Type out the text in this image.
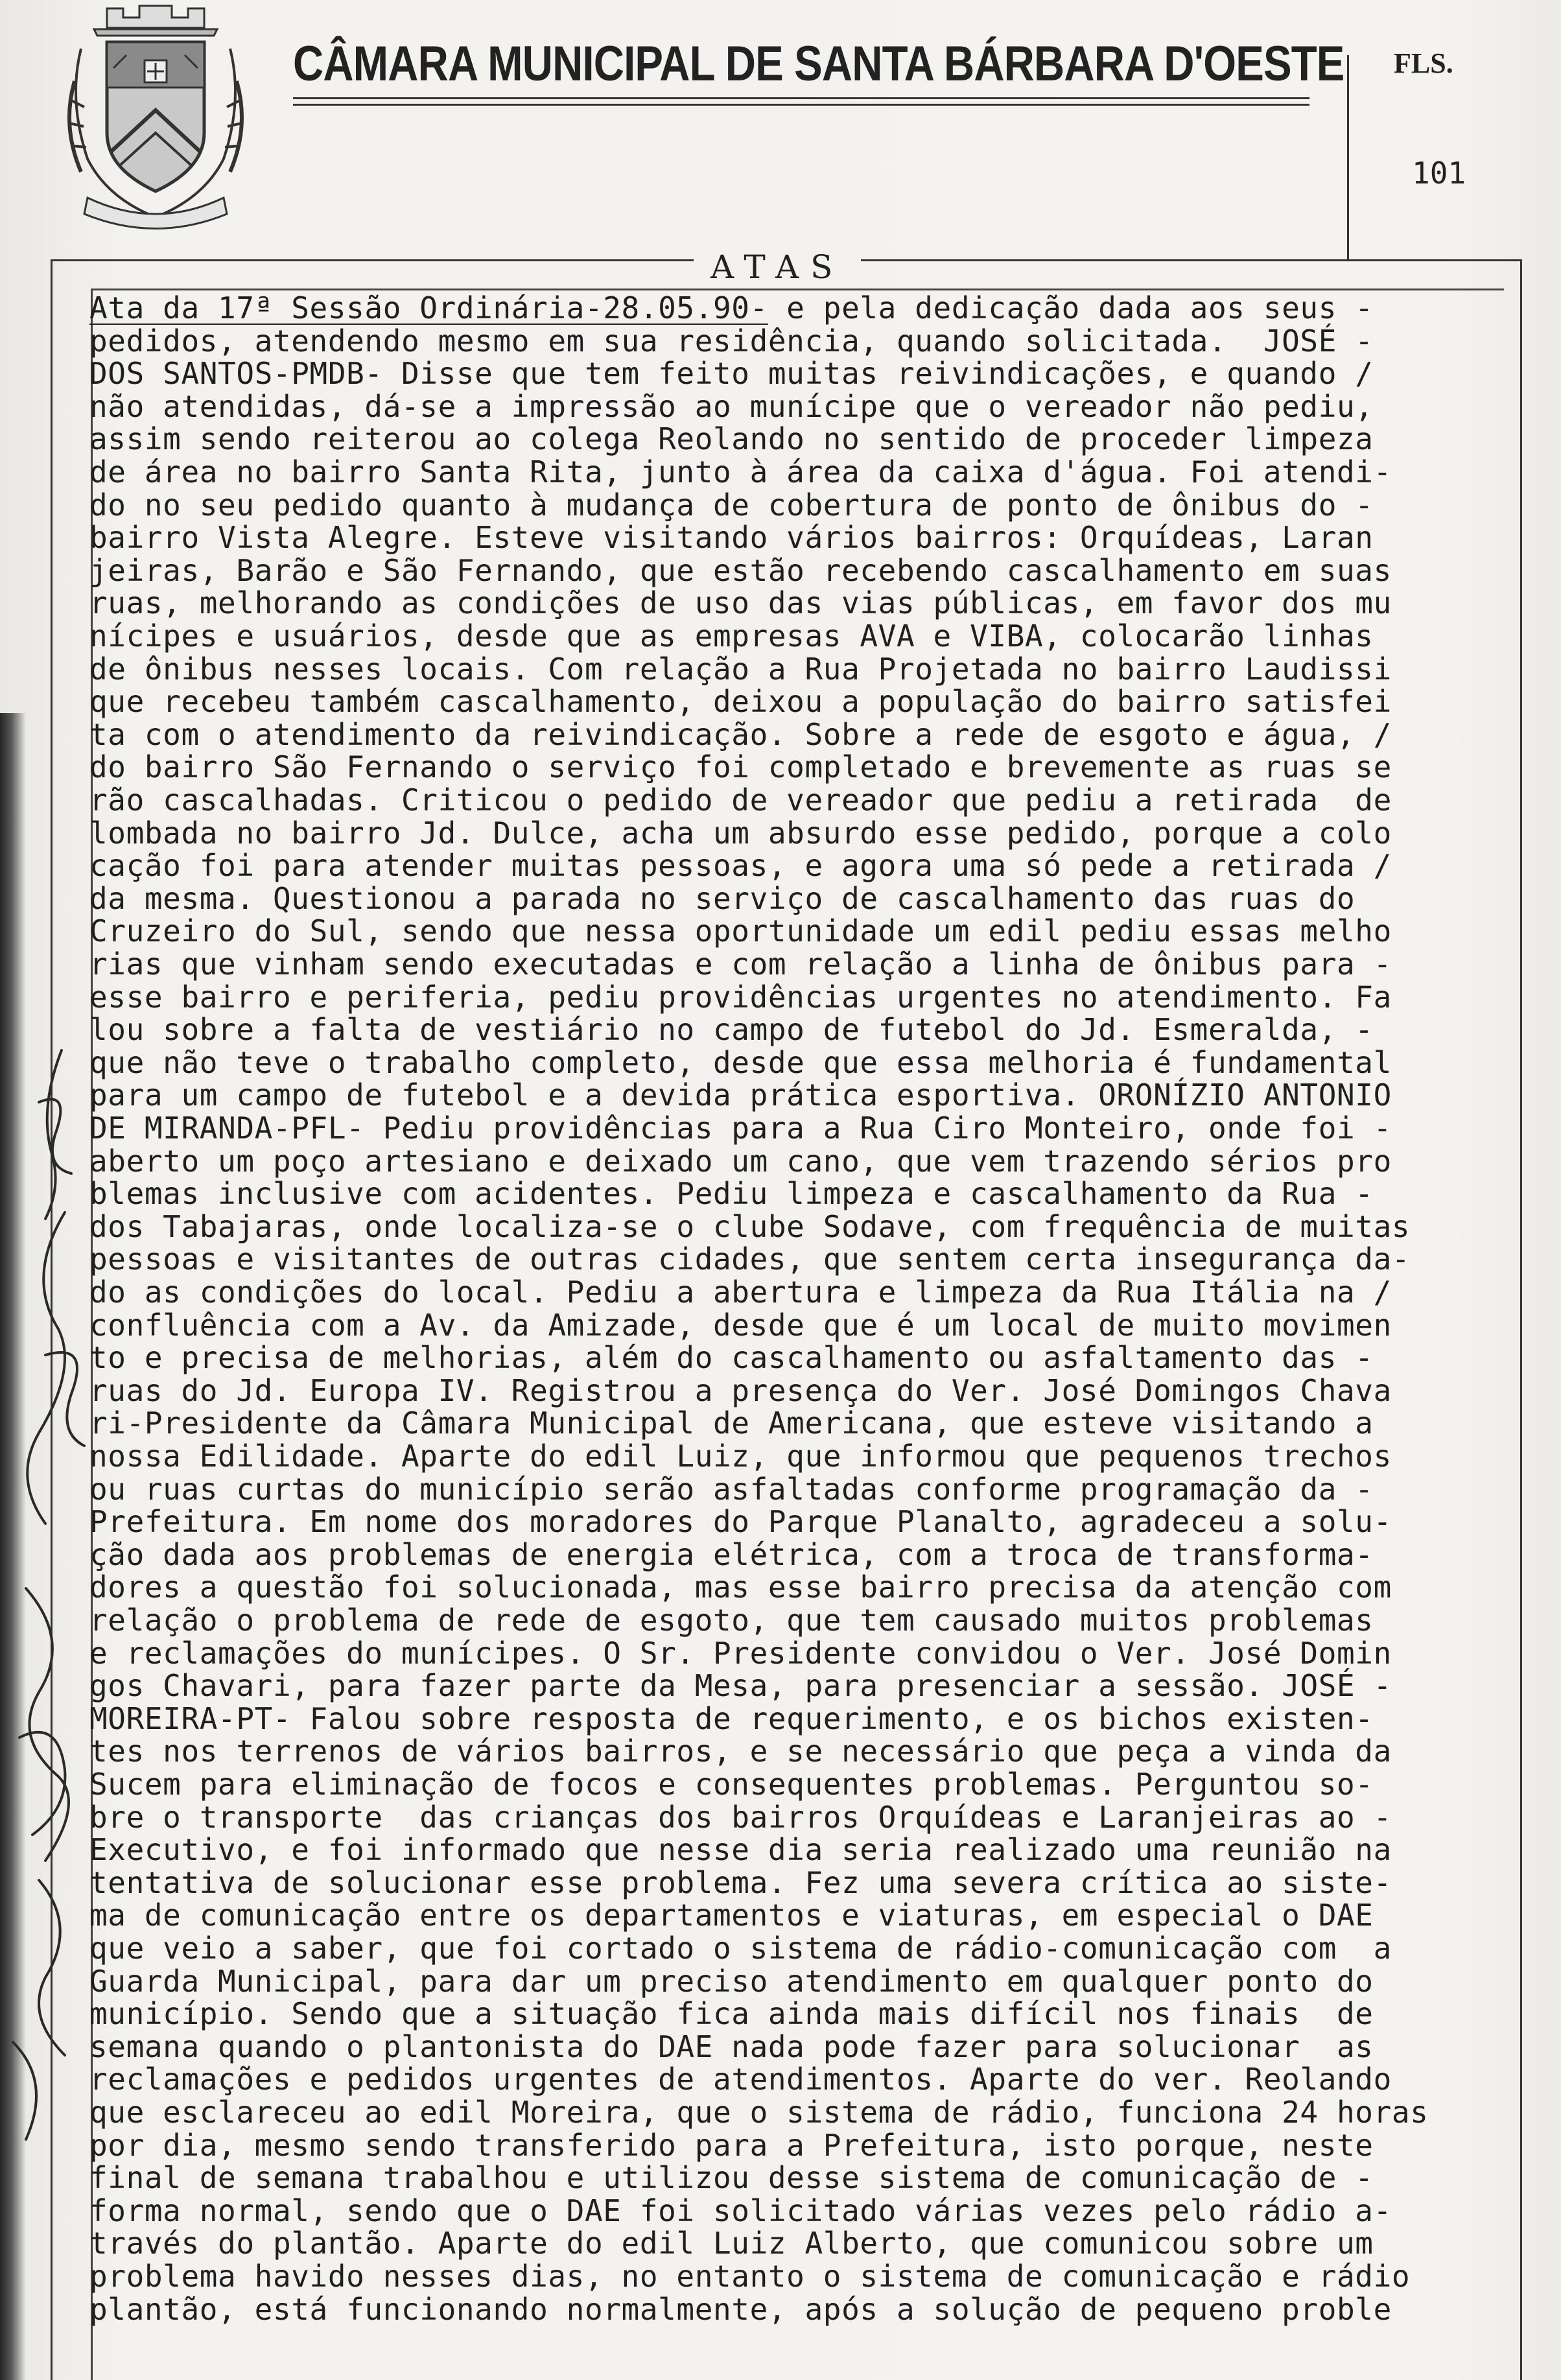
CÂMARA MUNICIPAL DE SANTA BÁRBARA D'OESTE FLS.
101
ATAS
Ata da 17ª Sessão Ordinária-28.05.90- e pela dedicação dada aos seus -
pedidos, atendendo mesmo em sua residência, quando solicitada.  JOSÉ -
DOS SANTOS-PMDB- Disse que tem feito muitas reivindicações, e quando /
não atendidas, dá-se a impressão ao munícipe que o vereador não pediu,
assim sendo reiterou ao colega Reolando no sentido de proceder limpeza
de área no bairro Santa Rita, junto à área da caixa d'água. Foi atendi-
do no seu pedido quanto à mudança de cobertura de ponto de ônibus do -
bairro Vista Alegre. Esteve visitando vários bairros: Orquídeas, Laran
jeiras, Barão e São Fernando, que estão recebendo cascalhamento em suas
ruas, melhorando as condições de uso das vias públicas, em favor dos mu
nícipes e usuários, desde que as empresas AVA e VIBA, colocarão linhas
de ônibus nesses locais. Com relação a Rua Projetada no bairro Laudissi
que recebeu também cascalhamento, deixou a população do bairro satisfei
ta com o atendimento da reivindicação. Sobre a rede de esgoto e água, /
do bairro São Fernando o serviço foi completado e brevemente as ruas se
rão cascalhadas. Criticou o pedido de vereador que pediu a retirada  de
lombada no bairro Jd. Dulce, acha um absurdo esse pedido, porque a colo
cação foi para atender muitas pessoas, e agora uma só pede a retirada /
da mesma. Questionou a parada no serviço de cascalhamento das ruas do
Cruzeiro do Sul, sendo que nessa oportunidade um edil pediu essas melho
rias que vinham sendo executadas e com relação a linha de ônibus para -
esse bairro e periferia, pediu providências urgentes no atendimento. Fa
lou sobre a falta de vestiário no campo de futebol do Jd. Esmeralda, -
que não teve o trabalho completo, desde que essa melhoria é fundamental
para um campo de futebol e a devida prática esportiva. ORONÍZIO ANTONIO
DE MIRANDA-PFL- Pediu providências para a Rua Ciro Monteiro, onde foi -
aberto um poço artesiano e deixado um cano, que vem trazendo sérios pro
blemas inclusive com acidentes. Pediu limpeza e cascalhamento da Rua -
dos Tabajaras, onde localiza-se o clube Sodave, com frequência de muitas
pessoas e visitantes de outras cidades, que sentem certa insegurança da-
do as condições do local. Pediu a abertura e limpeza da Rua Itália na /
confluência com a Av. da Amizade, desde que é um local de muito movimen
to e precisa de melhorias, além do cascalhamento ou asfaltamento das -
ruas do Jd. Europa IV. Registrou a presença do Ver. José Domingos Chava
ri-Presidente da Câmara Municipal de Americana, que esteve visitando a
nossa Edilidade. Aparte do edil Luiz, que informou que pequenos trechos
ou ruas curtas do município serão asfaltadas conforme programação da -
Prefeitura. Em nome dos moradores do Parque Planalto, agradeceu a solu-
ção dada aos problemas de energia elétrica, com a troca de transforma-
dores a questão foi solucionada, mas esse bairro precisa da atenção com
relação o problema de rede de esgoto, que tem causado muitos problemas
e reclamações do munícipes. O Sr. Presidente convidou o Ver. José Domin
gos Chavari, para fazer parte da Mesa, para presenciar a sessão. JOSÉ -
MOREIRA-PT- Falou sobre resposta de requerimento, e os bichos existen-
tes nos terrenos de vários bairros, e se necessário que peça a vinda da
Sucem para eliminação de focos e consequentes problemas. Perguntou so-
bre o transporte  das crianças dos bairros Orquídeas e Laranjeiras ao -
Executivo, e foi informado que nesse dia seria realizado uma reunião na
tentativa de solucionar esse problema. Fez uma severa crítica ao siste-
ma de comunicação entre os departamentos e viaturas, em especial o DAE
que veio a saber, que foi cortado o sistema de rádio-comunicação com  a
Guarda Municipal, para dar um preciso atendimento em qualquer ponto do
município. Sendo que a situação fica ainda mais difícil nos finais  de
semana quando o plantonista do DAE nada pode fazer para solucionar  as
reclamações e pedidos urgentes de atendimentos. Aparte do ver. Reolando
que esclareceu ao edil Moreira, que o sistema de rádio, funciona 24 horas
por dia, mesmo sendo transferido para a Prefeitura, isto porque, neste
final de semana trabalhou e utilizou desse sistema de comunicação de -
forma normal, sendo que o DAE foi solicitado várias vezes pelo rádio a-
través do plantão. Aparte do edil Luiz Alberto, que comunicou sobre um
problema havido nesses dias, no entanto o sistema de comunicação e rádio
plantão, está funcionando normalmente, após a solução de pequeno proble
